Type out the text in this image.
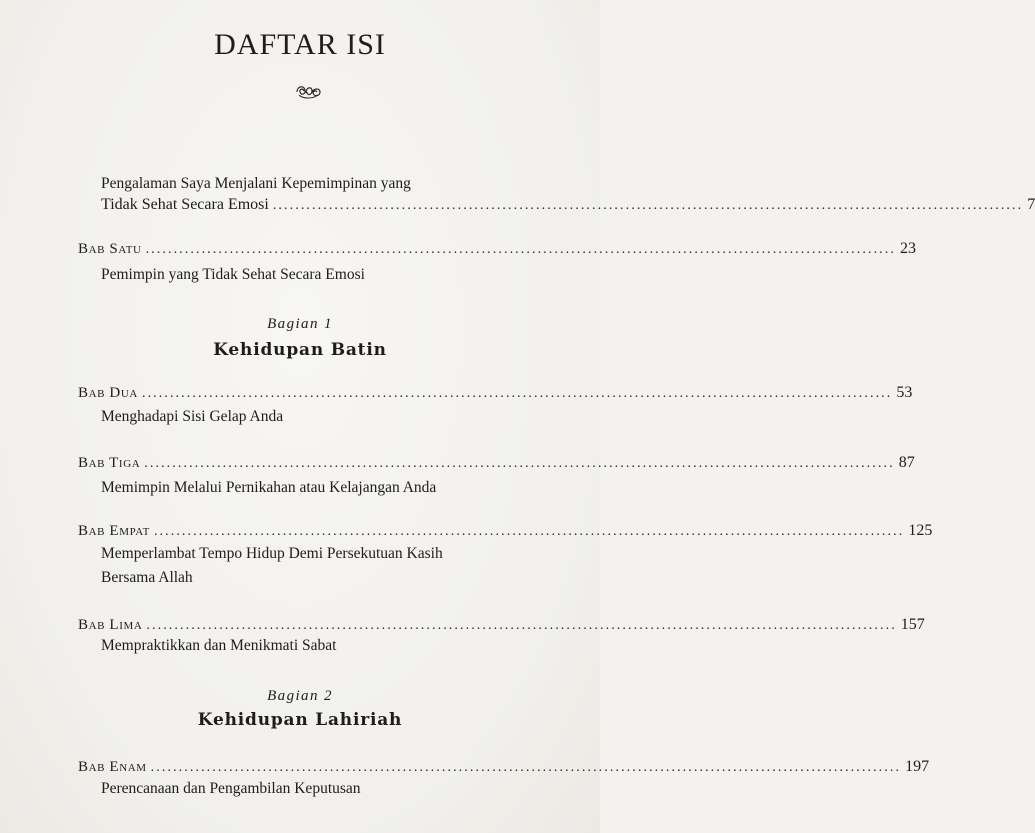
DAFTAR ISI
Pengalaman Saya Menjalani Kepemimpinan yang
Tidak Sehat Secara Emosi ...................................................................................................................................... 7
Bab Satu ...................................................................................................................................... 23
Pemimpin yang Tidak Sehat Secara Emosi
Bagian 1
Kehidupan Batin
Bab Dua ...................................................................................................................................... 53
Menghadapi Sisi Gelap Anda
Bab Tiga ...................................................................................................................................... 87
Memimpin Melalui Pernikahan atau Kelajangan Anda
Bab Empat ...................................................................................................................................... 125
Memperlambat Tempo Hidup Demi Persekutuan Kasih
Bersama Allah
Bab Lima ...................................................................................................................................... 157
Mempraktikkan dan Menikmati Sabat
Bagian 2
Kehidupan Lahiriah
Bab Enam ...................................................................................................................................... 197
Perencanaan dan Pengambilan Keputusan
